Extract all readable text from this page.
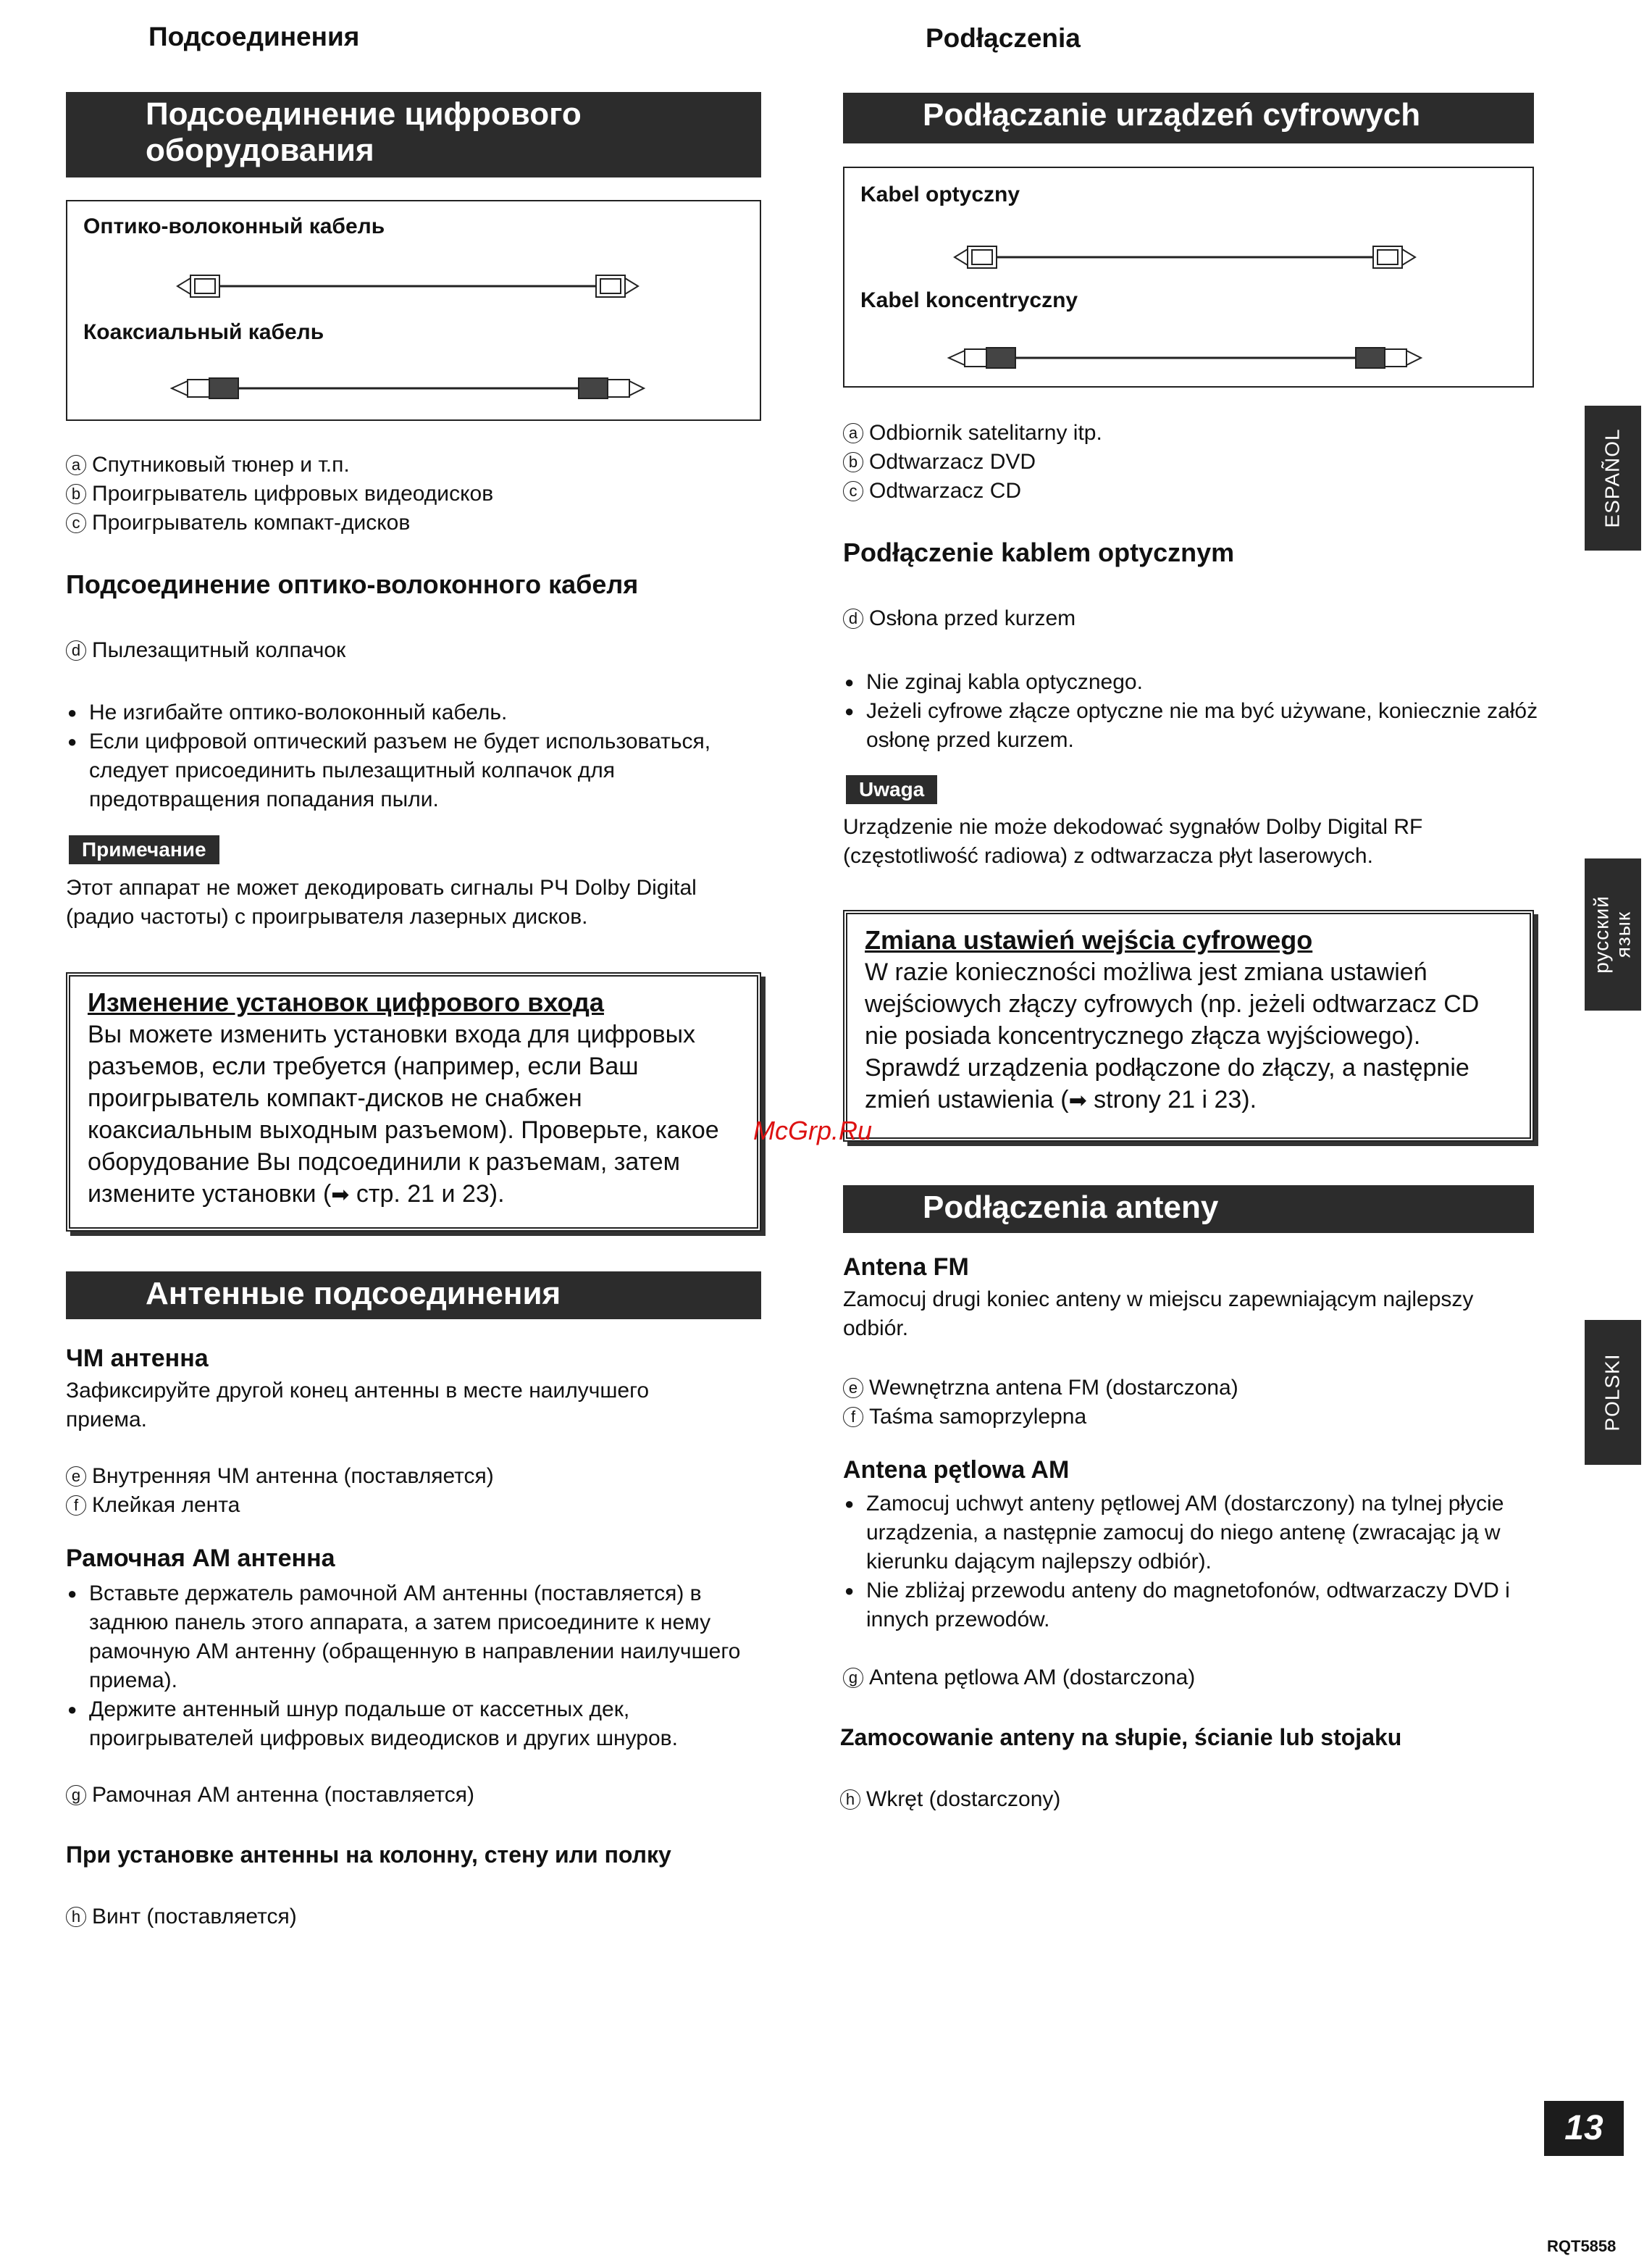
Подсоединения
Подсоединение цифрового
оборудования
Оптико-волоконный кабель
Коаксиальный кабель
a Спутниковый тюнер и т.п.
b Проигрыватель цифровых видеодисков
c Проигрыватель компакт-дисков
Подсоединение оптико-волоконного кабеля
d Пылезащитный колпачок
● Не изгибайте оптико-волоконный кабель.
● Если цифровой оптический разъем не будет использоваться, следует присоединить пылезащитный колпачок для предотвращения попадания пыли.
Примечание
Этот аппарат не может декодировать сигналы РЧ Dolby Digital (радио частоты) с проигрывателя лазерных дисков.
Изменение установок цифрового входа
Вы можете изменить установки входа для цифровых разъемов, если требуется (например, если Ваш проигрыватель компакт-дисков не снабжен коаксиальным выходным разъемом). Проверьте, какое оборудование Вы подсоединили к разъемам, затем измените установки (➡ стр. 21 и 23).
Антенные подсоединения
ЧМ антенна
Зафиксируйте другой конец антенны в месте наилучшего приема.
e Внутренняя ЧМ антенна (поставляется)
f Клейкая лента
Рамочная АМ антенна
● Вставьте держатель рамочной АМ антенны (поставляется) в заднюю панель этого аппарата, а затем присоедините к нему рамочную АМ антенну (обращенную в направлении наилучшего приема).
● Держите антенный шнур подальше от кассетных дек, проигрывателей цифровых видеодисков и других шнуров.
g Рамочная АМ антенна (поставляется)
При установке антенны на колонну, стену или полку
h Винт (поставляется)
Podłączenia
Podłączanie urządzeń cyfrowych
Kabel optyczny
Kabel koncentryczny
a Odbiornik satelitarny itp.
b Odtwarzacz DVD
c Odtwarzacz CD
Podłączenie kablem optycznym
d Osłona przed kurzem
● Nie zginaj kabla optycznego.
● Jeżeli cyfrowe złącze optyczne nie ma być używane, koniecznie załóż osłonę przed kurzem.
Uwaga
Urządzenie nie może dekodować sygnałów Dolby Digital RF (częstotliwość radiowa) z odtwarzacza płyt laserowych.
Zmiana ustawień wejścia cyfrowego
W razie konieczności możliwa jest zmiana ustawień wejściowych złączy cyfrowych (np. jeżeli odtwarzacz CD nie posiada koncentrycznego złącza wyjściowego). Sprawdź urządzenia podłączone do złączy, a następnie zmień ustawienia (➡ strony 21 i 23).
Podłączenia anteny
Antena FM
Zamocuj drugi koniec anteny w miejscu zapewniającym najlepszy odbiór.
e Wewnętrzna antena FM (dostarczona)
f Taśma samoprzylepna
Antena pętlowa AM
● Zamocuj uchwyt anteny pętlowej AM (dostarczony) na tylnej płycie urządzenia, a następnie zamocuj do niego antenę (zwracając ją w kierunku dającym najlepszy odbiór).
● Nie zbliżaj przewodu anteny do magnetofonów, odtwarzaczy DVD i innych przewodów.
g Antena pętlowa AM (dostarczona)
Zamocowanie anteny na słupie, ścianie lub stojaku
h Wkręt (dostarczony)
ESPAÑOL
русский язык
POLSKI
McGrp.Ru
13
RQT5858
